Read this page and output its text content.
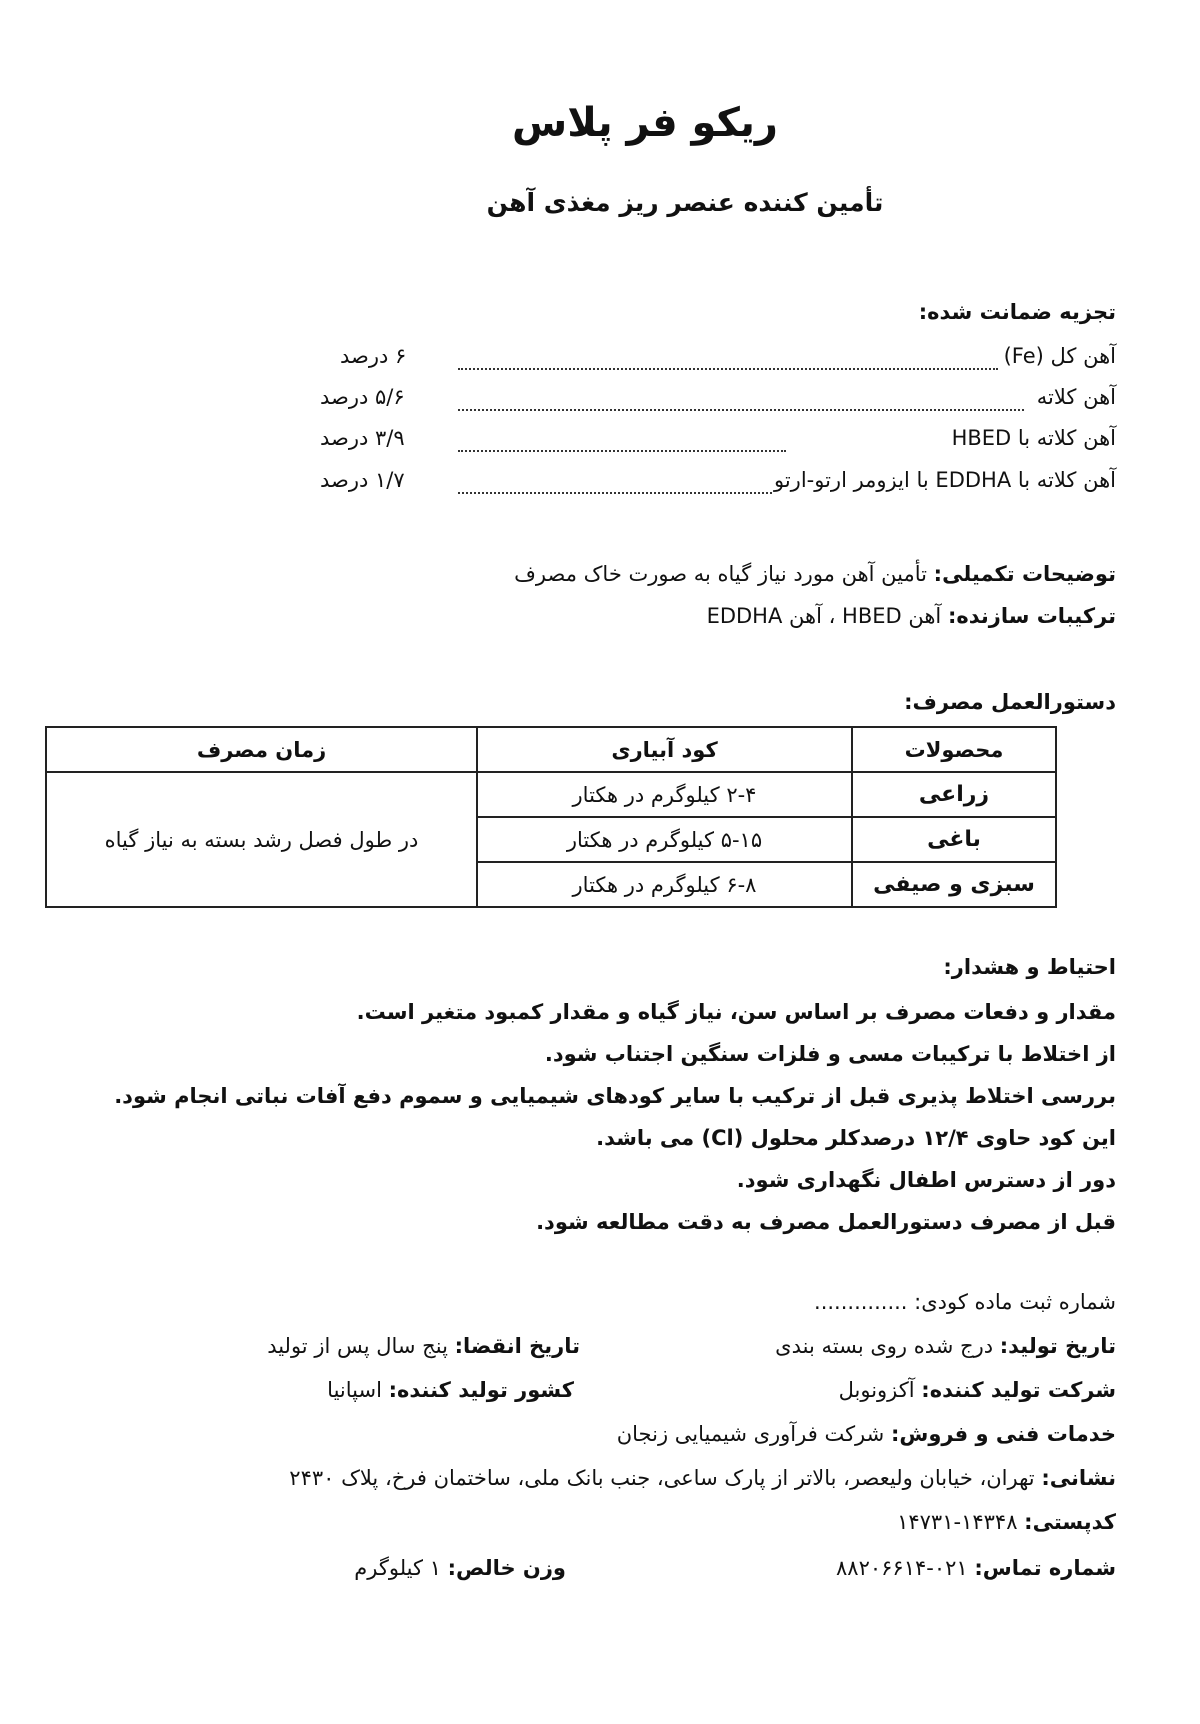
ریکو فر پلاس
تأمین کننده عنصر ریز مغذی آهن
تجزیه ضمانت شده:
آهن کل (Fe)
۶ درصد
آهن کلاته
۵/۶ درصد
آهن کلاته با HBED
۳/۹ درصد
آهن کلاته با EDDHA با ایزومر ارتو-ارتو
۱/۷ درصد
توضیحات تکمیلی: تأمین آهن مورد نیاز گیاه به صورت خاک مصرف
ترکیبات سازنده: آهن HBED ، آهن EDDHA
دستورالعمل مصرف:
محصولات	کود آبیاری	زمان مصرف
زراعی	۲-۴ کیلوگرم در هکتار	در طول فصل رشد بسته به نیاز گیاه
باغی	۵-۱۵ کیلوگرم در هکتار	
سبزی و صیفی	۶-۸ کیلوگرم در هکتار	
احتیاط و هشدار:
مقدار و دفعات مصرف بر اساس سن، نیاز گیاه و مقدار کمبود متغیر است.
از اختلاط با ترکیبات مسی و فلزات سنگین اجتناب شود.
بررسی اختلاط پذیری قبل از ترکیب با سایر کودهای شیمیایی و سموم دفع آفات نباتی انجام شود.
این کود حاوی ۱۲/۴ درصدکلر محلول (Cl) می باشد.
دور از دسترس اطفال نگهداری شود.
قبل از مصرف دستورالعمل مصرف به دقت مطالعه شود.
شماره ثبت ماده کودی: ..............
تاریخ تولید: درج شده روی بسته بندی
تاریخ انقضا: پنج سال پس از تولید
شرکت تولید کننده: آکزونوبل
کشور تولید کننده: اسپانیا
خدمات فنی و فروش: شرکت فرآوری شیمیایی زنجان
نشانی: تهران، خیابان ولیعصر، بالاتر از پارک ساعی، جنب بانک ملی، ساختمان فرخ، پلاک ۲۴۳۰
کدپستی: ۱۴۳۴۸-۱۴۷۳۱
شماره تماس: ۰۲۱-۸۸۲۰۶۶۱۴
وزن خالص: ۱ کیلوگرم
